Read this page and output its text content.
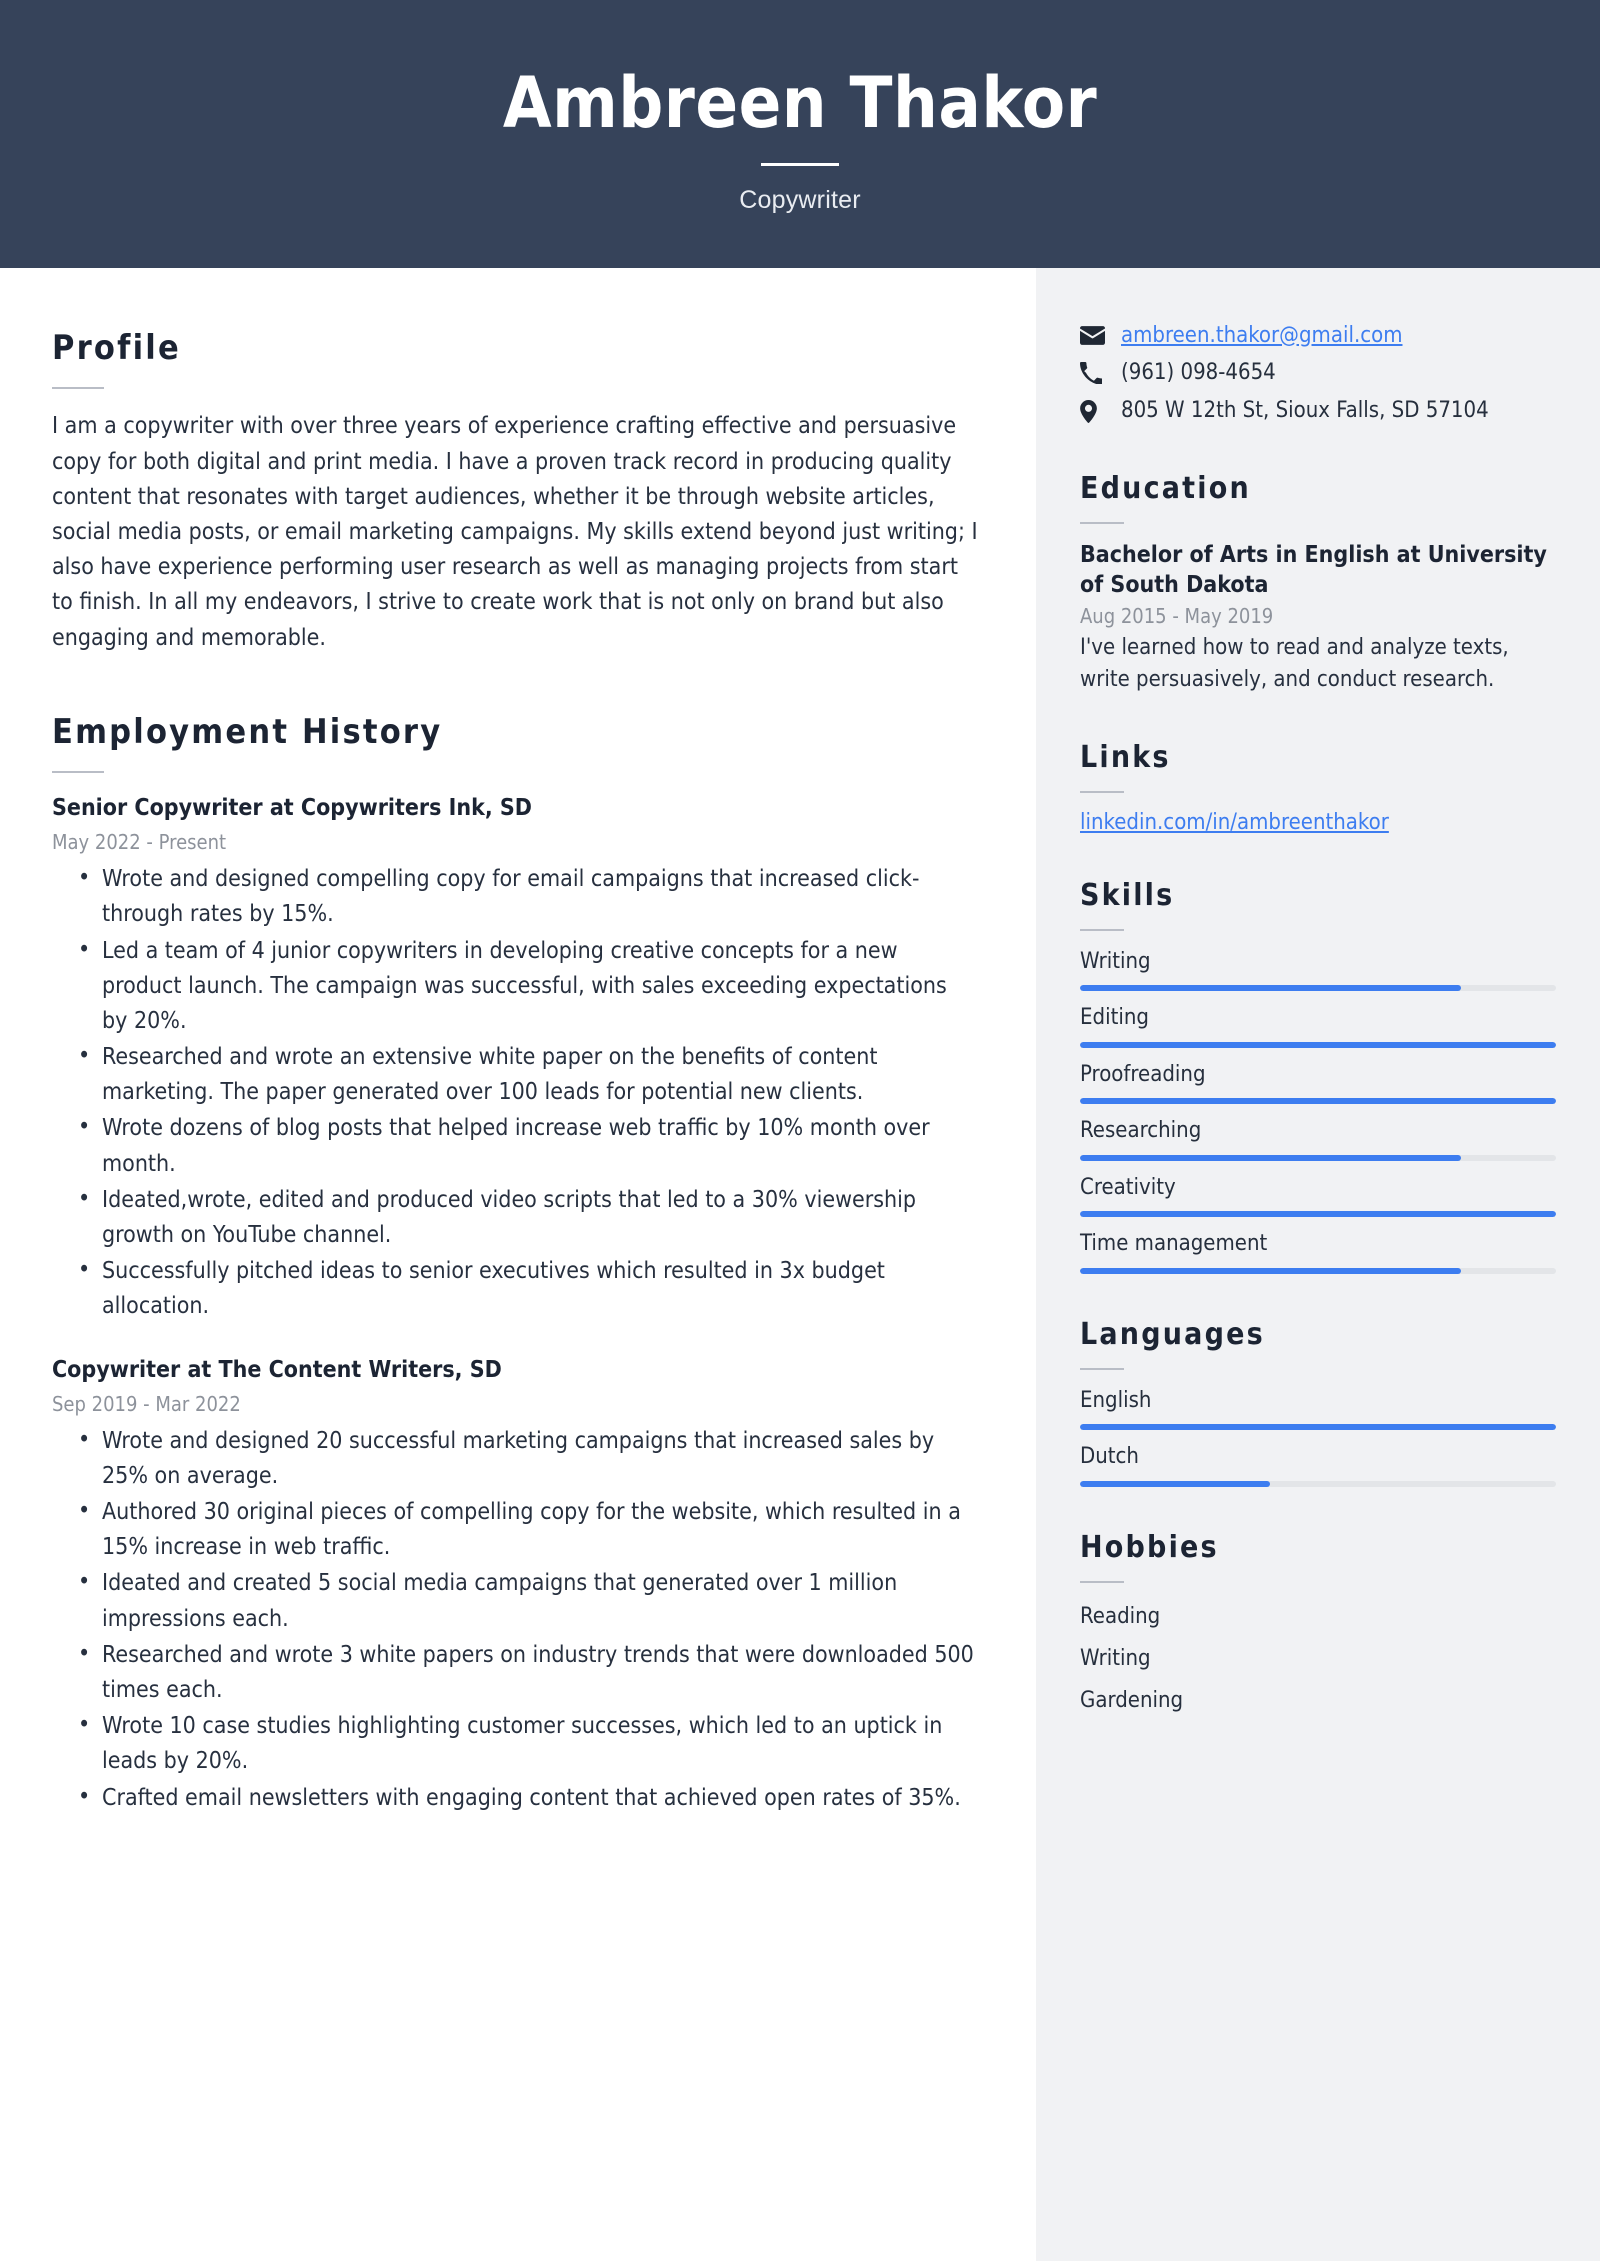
Ambreen Thakor
Copywriter
Profile
I am a copywriter with over three years of experience crafting effective and persuasive copy for both digital and print media. I have a proven track record in producing quality content that resonates with target audiences, whether it be through website articles, social media posts, or email marketing campaigns. My skills extend beyond just writing; I also have experience performing user research as well as managing projects from start to finish. In all my endeavors, I strive to create work that is not only on brand but also engaging and memorable.
Employment History
Senior Copywriter at Copywriters Ink, SD
May 2022 - Present
• Wrote and designed compelling copy for email campaigns that increased click-through rates by 15%.
• Led a team of 4 junior copywriters in developing creative concepts for a new product launch. The campaign was successful, with sales exceeding expectations by 20%.
• Researched and wrote an extensive white paper on the benefits of content marketing. The paper generated over 100 leads for potential new clients.
• Wrote dozens of blog posts that helped increase web traffic by 10% month over month.
• Ideated,wrote, edited and produced video scripts that led to a 30% viewership growth on YouTube channel.
• Successfully pitched ideas to senior executives which resulted in 3x budget allocation.
Copywriter at The Content Writers, SD
Sep 2019 - Mar 2022
• Wrote and designed 20 successful marketing campaigns that increased sales by 25% on average.
• Authored 30 original pieces of compelling copy for the website, which resulted in a 15% increase in web traffic.
• Ideated and created 5 social media campaigns that generated over 1 million impressions each.
• Researched and wrote 3 white papers on industry trends that were downloaded 500 times each.
• Wrote 10 case studies highlighting customer successes, which led to an uptick in leads by 20%.
• Crafted email newsletters with engaging content that achieved open rates of 35%.
ambreen.thakor@gmail.com
(961) 098-4654
805 W 12th St, Sioux Falls, SD 57104
Education
Bachelor of Arts in English at University of South Dakota
Aug 2015 - May 2019
I've learned how to read and analyze texts, write persuasively, and conduct research.
Links
linkedin.com/in/ambreenthakor
Skills
Writing
Editing
Proofreading
Researching
Creativity
Time management
Languages
English
Dutch
Hobbies
Reading
Writing
Gardening
